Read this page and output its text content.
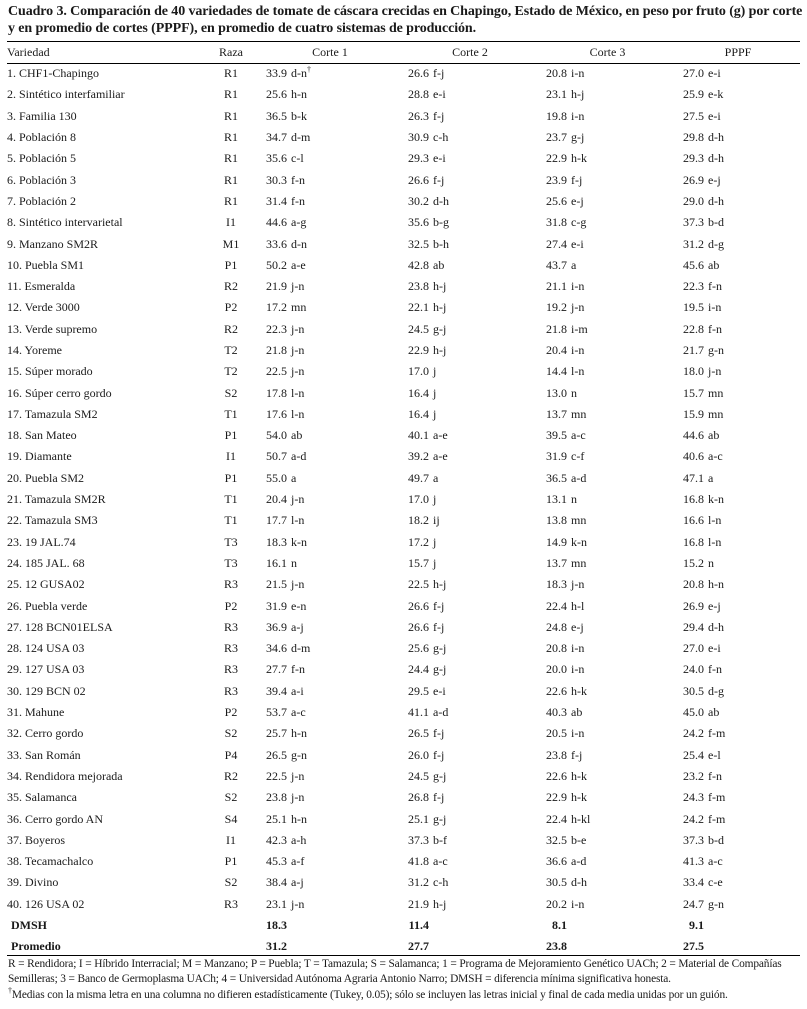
Cuadro 3. Comparación de 40 variedades de tomate de cáscara crecidas en Chapingo, Estado de México, en peso por fruto (g) por corte y en promedio de cortes (PPPF), en promedio de cuatro sistemas de producción.
Variedad	Raza	Corte 1	Corte 2	Corte 3	PPPF
1. CHF1-Chapingo	R1	33.9 d-n†	26.6 f-j	20.8 i-n	27.0 e-i
2. Sintético interfamiliar	R1	25.6 h-n	28.8 e-i	23.1 h-j	25.9 e-k
3. Familia 130	R1	36.5 b-k	26.3 f-j	19.8 i-n	27.5 e-i
4. Población 8	R1	34.7 d-m	30.9 c-h	23.7 g-j	29.8 d-h
5. Población 5	R1	35.6 c-l	29.3 e-i	22.9 h-k	29.3 d-h
6. Población 3	R1	30.3 f-n	26.6 f-j	23.9 f-j	26.9 e-j
7. Población 2	R1	31.4 f-n	30.2 d-h	25.6 e-j	29.0 d-h
8. Sintético intervarietal	I1	44.6 a-g	35.6 b-g	31.8 c-g	37.3 b-d
9. Manzano SM2R	M1	33.6 d-n	32.5 b-h	27.4 e-i	31.2 d-g
10. Puebla SM1	P1	50.2 a-e	42.8 ab	43.7 a	45.6 ab
11. Esmeralda	R2	21.9 j-n	23.8 h-j	21.1 i-n	22.3 f-n
12. Verde 3000	P2	17.2 mn	22.1 h-j	19.2 j-n	19.5 i-n
13. Verde supremo	R2	22.3 j-n	24.5 g-j	21.8 i-m	22.8 f-n
14. Yoreme	T2	21.8 j-n	22.9 h-j	20.4 i-n	21.7 g-n
15. Súper morado	T2	22.5 j-n	17.0 j	14.4 l-n	18.0 j-n
16. Súper cerro gordo	S2	17.8 l-n	16.4 j	13.0 n	15.7 mn
17. Tamazula SM2	T1	17.6 l-n	16.4 j	13.7 mn	15.9 mn
18. San Mateo	P1	54.0 ab	40.1 a-e	39.5 a-c	44.6 ab
19. Diamante	I1	50.7 a-d	39.2 a-e	31.9 c-f	40.6 a-c
20. Puebla SM2	P1	55.0 a	49.7 a	36.5 a-d	47.1 a
21. Tamazula SM2R	T1	20.4 j-n	17.0 j	13.1 n	16.8 k-n
22. Tamazula SM3	T1	17.7 l-n	18.2 ij	13.8 mn	16.6 l-n
23. 19 JAL.74	T3	18.3 k-n	17.2 j	14.9 k-n	16.8 l-n
24. 185 JAL. 68	T3	16.1 n	15.7 j	13.7 mn	15.2 n
25. 12 GUSA02	R3	21.5 j-n	22.5 h-j	18.3 j-n	20.8 h-n
26. Puebla verde	P2	31.9 e-n	26.6 f-j	22.4 h-l	26.9 e-j
27. 128 BCN01ELSA	R3	36.9 a-j	26.6 f-j	24.8 e-j	29.4 d-h
28. 124 USA 03	R3	34.6 d-m	25.6 g-j	20.8 i-n	27.0 e-i
29. 127 USA 03	R3	27.7 f-n	24.4 g-j	20.0 i-n	24.0 f-n
30. 129 BCN 02	R3	39.4 a-i	29.5 e-i	22.6 h-k	30.5 d-g
31. Mahune	P2	53.7 a-c	41.1 a-d	40.3 ab	45.0 ab
32. Cerro gordo	S2	25.7 h-n	26.5 f-j	20.5 i-n	24.2 f-m
33. San Román	P4	26.5 g-n	26.0 f-j	23.8 f-j	25.4 e-l
34. Rendidora mejorada	R2	22.5 j-n	24.5 g-j	22.6 h-k	23.2 f-n
35. Salamanca	S2	23.8 j-n	26.8 f-j	22.9 h-k	24.3 f-m
36. Cerro gordo AN	S4	25.1 h-n	25.1 g-j	22.4 h-kl	24.2 f-m
37. Boyeros	I1	42.3 a-h	37.3 b-f	32.5 b-e	37.3 b-d
38. Tecamachalco	P1	45.3 a-f	41.8 a-c	36.6 a-d	41.3 a-c
39. Divino	S2	38.4 a-j	31.2 c-h	30.5 d-h	33.4 c-e
40. 126 USA 02	R3	23.1 j-n	21.9 h-j	20.2 i-n	24.7 g-n
DMSH		18.3	11.4	8.1	9.1
Promedio		31.2	27.7	23.8	27.5
R = Rendidora; I = Híbrido Interracial; M = Manzano; P = Puebla; T = Tamazula; S = Salamanca; 1 = Programa de Mejoramiento Genético UACh; 2 = Material de Compañías Semilleras; 3 = Banco de Germoplasma UACh; 4 = Universidad Autónoma Agraria Antonio Narro; DMSH = diferencia mínima significativa honesta.
†Medias con la misma letra en una columna no difieren estadísticamente (Tukey, 0.05); sólo se incluyen las letras inicial y final de cada media unidas por un guión.
